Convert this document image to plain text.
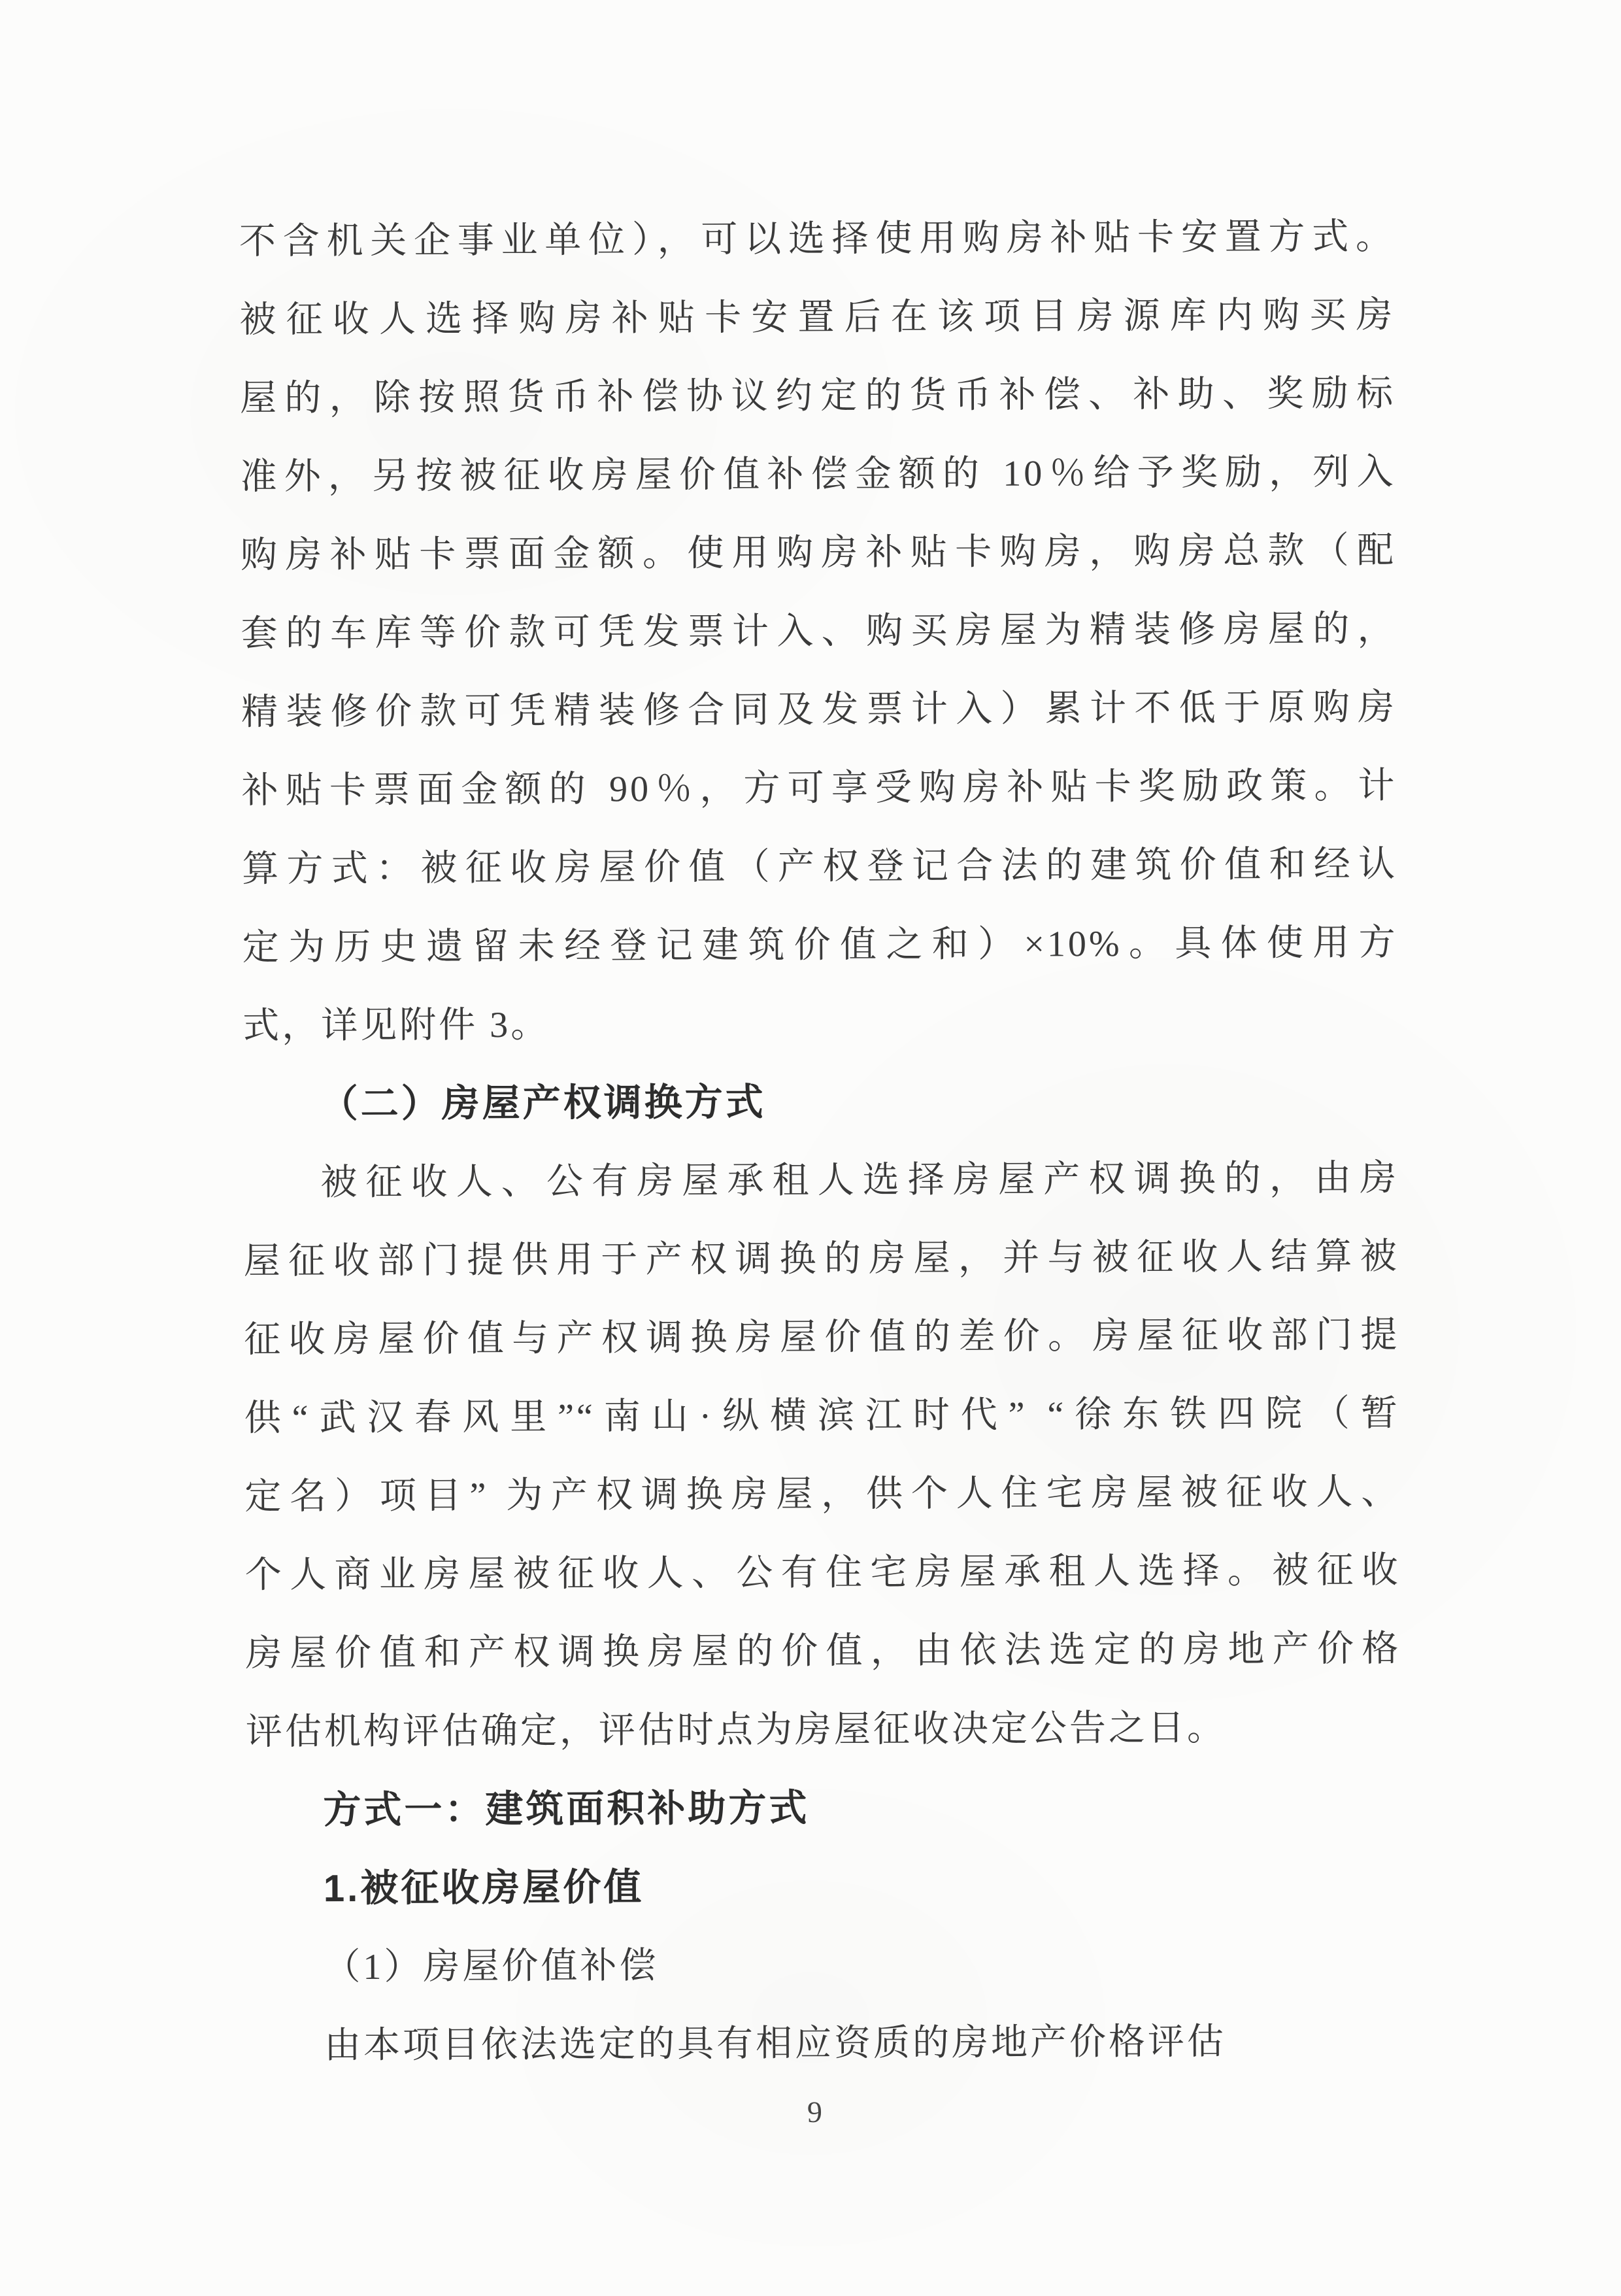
不含机关企事业单位），可以选择使用购房补贴卡安置方式。
被征收人选择购房补贴卡安置后在该项目房源库内购买房
屋的，除按照货币补偿协议约定的货币补偿、补助、奖励标
准外，另按被征收房屋价值补偿金额的 10％给予奖励，列入
购房补贴卡票面金额。使用购房补贴卡购房，购房总款（配
套的车库等价款可凭发票计入、购买房屋为精装修房屋的，
精装修价款可凭精装修合同及发票计入）累计不低于原购房
补贴卡票面金额的 90％，方可享受购房补贴卡奖励政策。计
算方式：被征收房屋价值（产权登记合法的建筑价值和经认
定为历史遗留未经登记建筑价值之和）×10%。具体使用方
式，详见附件 3。
（二）房屋产权调换方式
被征收人、公有房屋承租人选择房屋产权调换的，由房
屋征收部门提供用于产权调换的房屋，并与被征收人结算被
征收房屋价值与产权调换房屋价值的差价。房屋征收部门提
供“武汉春风里”“南山·纵横滨江时代” “徐东铁四院（暂
定名）项目” 为产权调换房屋，供个人住宅房屋被征收人、
个人商业房屋被征收人、公有住宅房屋承租人选择。被征收
房屋价值和产权调换房屋的价值，由依法选定的房地产价格
评估机构评估确定，评估时点为房屋征收决定公告之日。
方式一：建筑面积补助方式
1.被征收房屋价值
（1）房屋价值补偿
由本项目依法选定的具有相应资质的房地产价格评估
9
